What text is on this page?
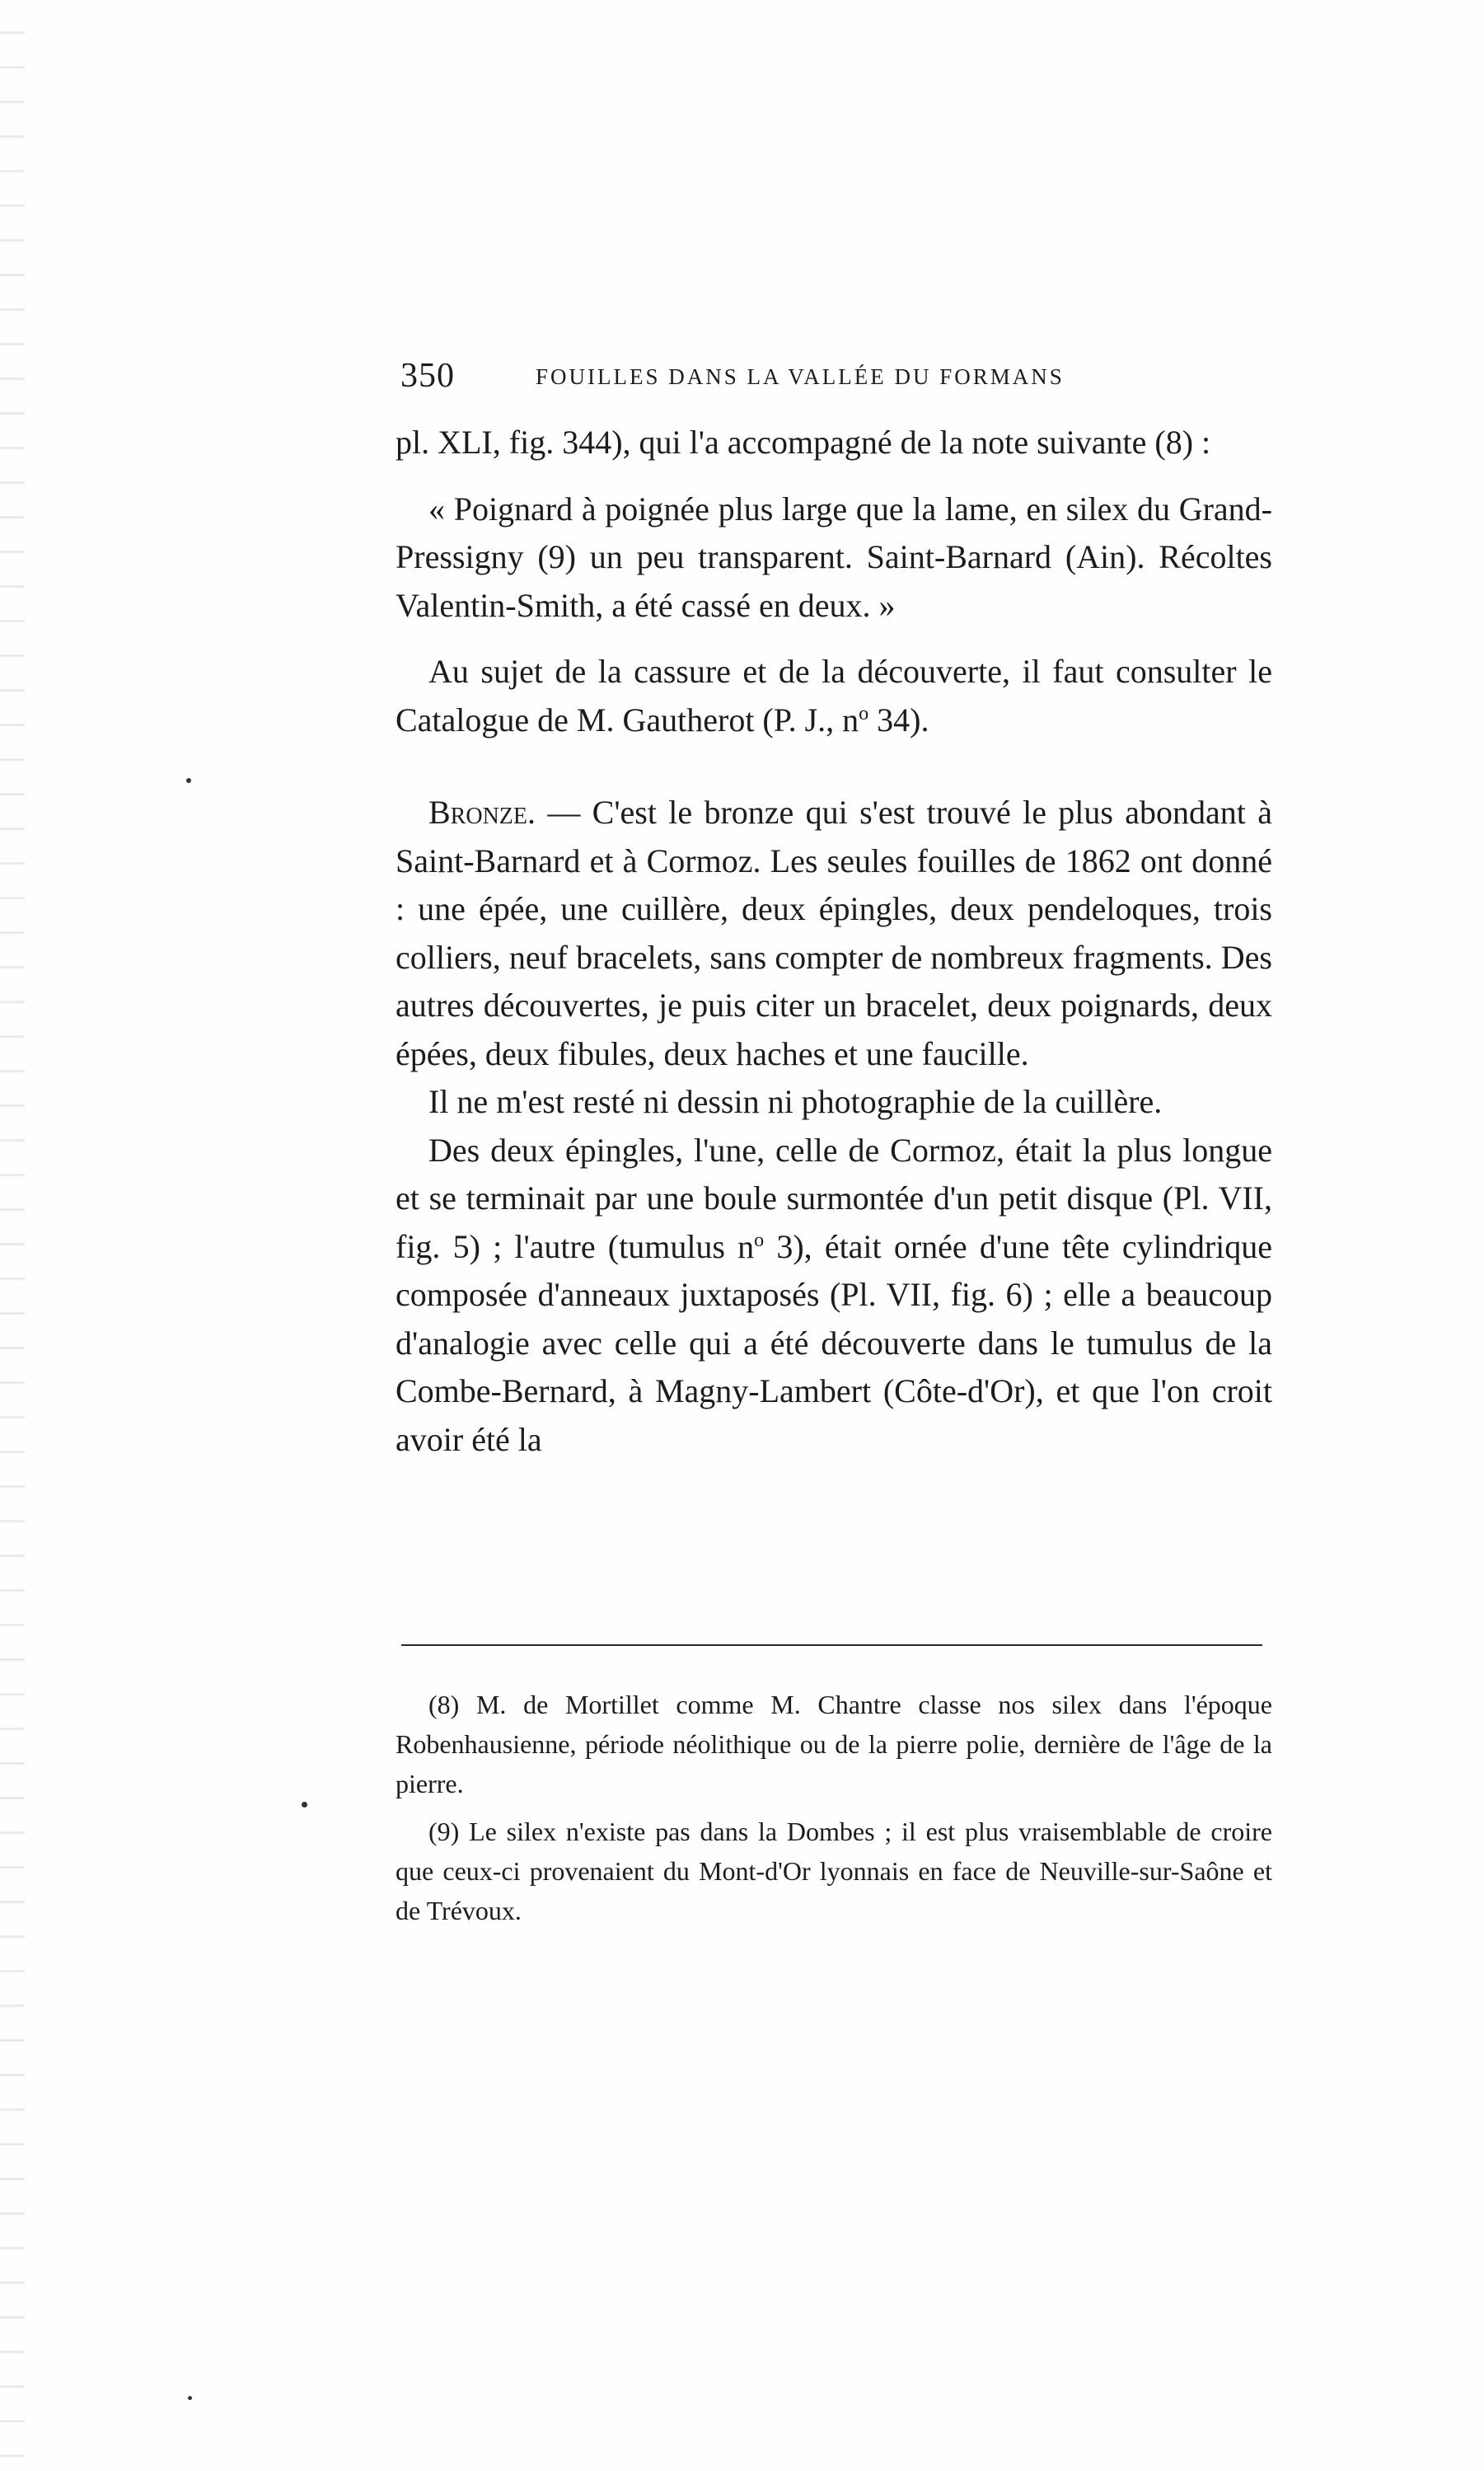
350	FOUILLES DANS LA VALLÉE DU FORMANS

pl. XLI, fig. 344), qui l'a accompagné de la note suivante (8) :

« Poignard à poignée plus large que la lame, en silex du Grand-Pressigny (9) un peu transparent. Saint-Barnard (Ain). Récoltes Valentin-Smith, a été cassé en deux. »

Au sujet de la cassure et de la découverte, il faut consulter le Catalogue de M. Gautherot (P. J., $n^o$ 34).

Bronze. — C'est le bronze qui s'est trouvé le plus abondant à Saint-Barnard et à Cormoz. Les seules fouilles de 1862 ont donné : une épée, une cuillère, deux épingles, deux pendeloques, trois colliers, neuf bracelets, sans compter de nombreux fragments. Des autres découvertes, je puis citer un bracelet, deux poignards, deux épées, deux fibules, deux haches et une faucille.

Il ne m'est resté ni dessin ni photographie de la cuillère.

Des deux épingles, l'une, celle de Cormoz, était la plus longue et se terminait par une boule surmontée d'un petit disque (Pl. VII, fig. 5) ; l'autre (tumulus $n^o$ 3), était ornée d'une tête cylindrique composée d'anneaux juxtaposés (Pl. VII, fig. 6) ; elle a beaucoup d'analogie avec celle qui a été découverte dans le tumulus de la Combe-Bernard, à Magny-Lambert (Côte-d'Or), et que l'on croit avoir été la

(8) M. de Mortillet comme M. Chantre classe nos silex dans l'époque Robenhausienne, période néolithique ou de la pierre polie, dernière de l'âge de la pierre.

(9) Le silex n'existe pas dans la Dombes ; il est plus vraisemblable de croire que ceux-ci provenaient du Mont-d'Or lyonnais en face de Neuville-sur-Saône et de Trévoux.
